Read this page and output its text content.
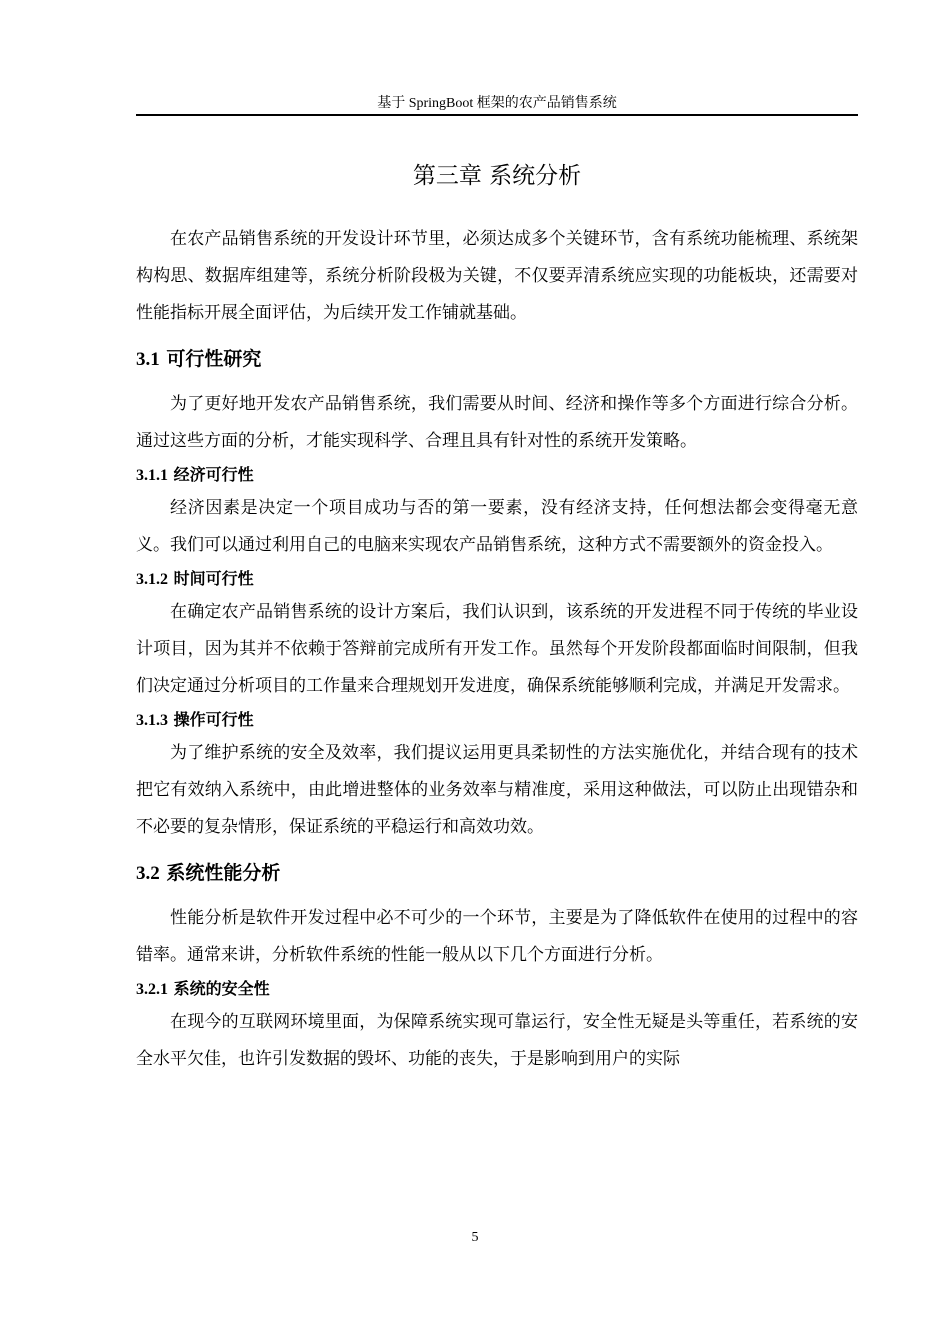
基于 SpringBoot 框架的农产品销售系统
第三章 系统分析

在农产品销售系统的开发设计环节里，必须达成多个关键环节，含有系统功能梳理、系统架构构思、数据库组建等，系统分析阶段极为关键，不仅要弄清系统应实现的功能板块，还需要对性能指标开展全面评估，为后续开发工作铺就基础。

3.1 可行性研究

为了更好地开发农产品销售系统，我们需要从时间、经济和操作等多个方面进行综合分析。通过这些方面的分析，才能实现科学、合理且具有针对性的系统开发策略。

3.1.1 经济可行性

经济因素是决定一个项目成功与否的第一要素，没有经济支持，任何想法都会变得毫无意义。我们可以通过利用自己的电脑来实现农产品销售系统，这种方式不需要额外的资金投入。

3.1.2 时间可行性

在确定农产品销售系统的设计方案后，我们认识到，该系统的开发进程不同于传统的毕业设计项目，因为其并不依赖于答辩前完成所有开发工作。虽然每个开发阶段都面临时间限制，但我们决定通过分析项目的工作量来合理规划开发进度，确保系统能够顺利完成，并满足开发需求。

3.1.3 操作可行性

为了维护系统的安全及效率，我们提议运用更具柔韧性的方法实施优化，并结合现有的技术把它有效纳入系统中，由此增进整体的业务效率与精准度，采用这种做法，可以防止出现错杂和不必要的复杂情形，保证系统的平稳运行和高效功效。

3.2 系统性能分析

性能分析是软件开发过程中必不可少的一个环节，主要是为了降低软件在使用的过程中的容错率。通常来讲，分析软件系统的性能一般从以下几个方面进行分析。

3.2.1 系统的安全性

在现今的互联网环境里面，为保障系统实现可靠运行，安全性无疑是头等重任，若系统的安全水平欠佳，也许引发数据的毁坏、功能的丧失，于是影响到用户的实际

5
